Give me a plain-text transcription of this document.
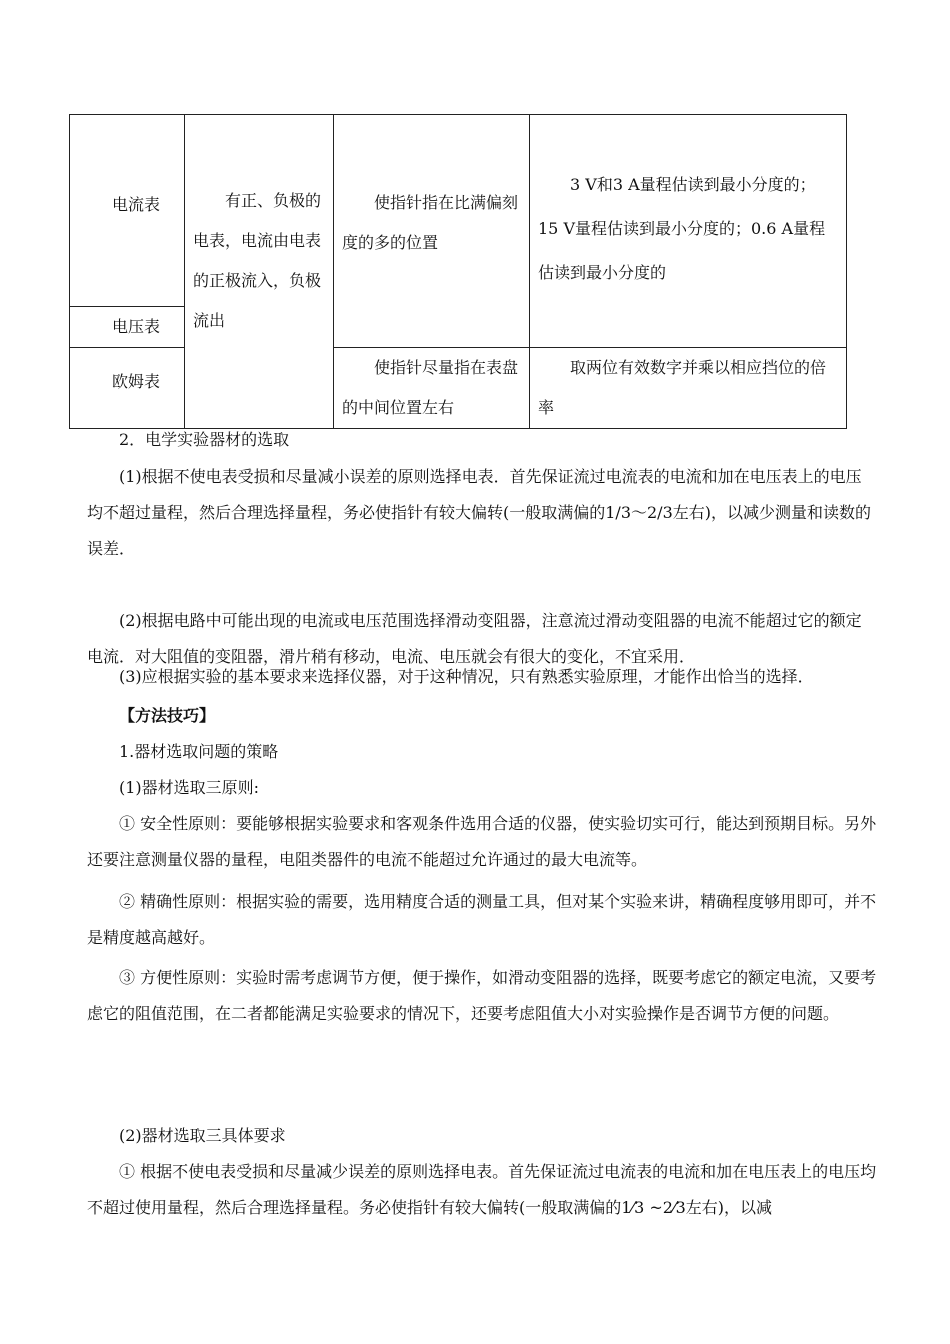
电流表	有正、负极的电表，电流由电表的正极流入，负极流出	使指针指在比满偏刻度的多的位置	3 V和3 A量程估读到最小分度的；
15 V量程估读到最小分度的；0.6 A量程估读到最小分度的

电压表			

欧姆表		使指针尽量指在表盘的中间位置左右	取两位有效数字并乘以相应挡位的倍率
2．电学实验器材的选取
(1)根据不使电表受损和尽量减小误差的原则选择电表．首先保证流过电流表的电流和加在电压表上的电压均不超过量程，然后合理选择量程，务必使指针有较大偏转(一般取满偏的1/3～2/3左右)，以减少测量和读数的误差．
(2)根据电路中可能出现的电流或电压范围选择滑动变阻器，注意流过滑动变阻器的电流不能超过它的额定电流．对大阻值的变阻器，滑片稍有移动，电流、电压就会有很大的变化，不宜采用．
(3)应根据实验的基本要求来选择仪器，对于这种情况，只有熟悉实验原理，才能作出恰当的选择．
【方法技巧】
1.器材选取问题的策略
(1)器材选取三原则:
① 安全性原则：要能够根据实验要求和客观条件选用合适的仪器，使实验切实可行，能达到预期目标。另外还要注意测量仪器的量程，电阻类器件的电流不能超过允许通过的最大电流等。
② 精确性原则：根据实验的需要，选用精度合适的测量工具，但对某个实验来讲，精确程度够用即可，并不是精度越高越好。
③ 方便性原则：实验时需考虑调节方便，便于操作，如滑动变阻器的选择，既要考虑它的额定电流，又要考虑它的阻值范围，在二者都能满足实验要求的情况下，还要考虑阻值大小对实验操作是否调节方便的问题。
(2)器材选取三具体要求
① 根据不使电表受损和尽量减少误差的原则选择电表。首先保证流过电流表的电流和加在电压表上的电压均不超过使用量程，然后合理选择量程。务必使指针有较大偏转(一般取满偏的1⁄3 ~2⁄3左右)，以减
